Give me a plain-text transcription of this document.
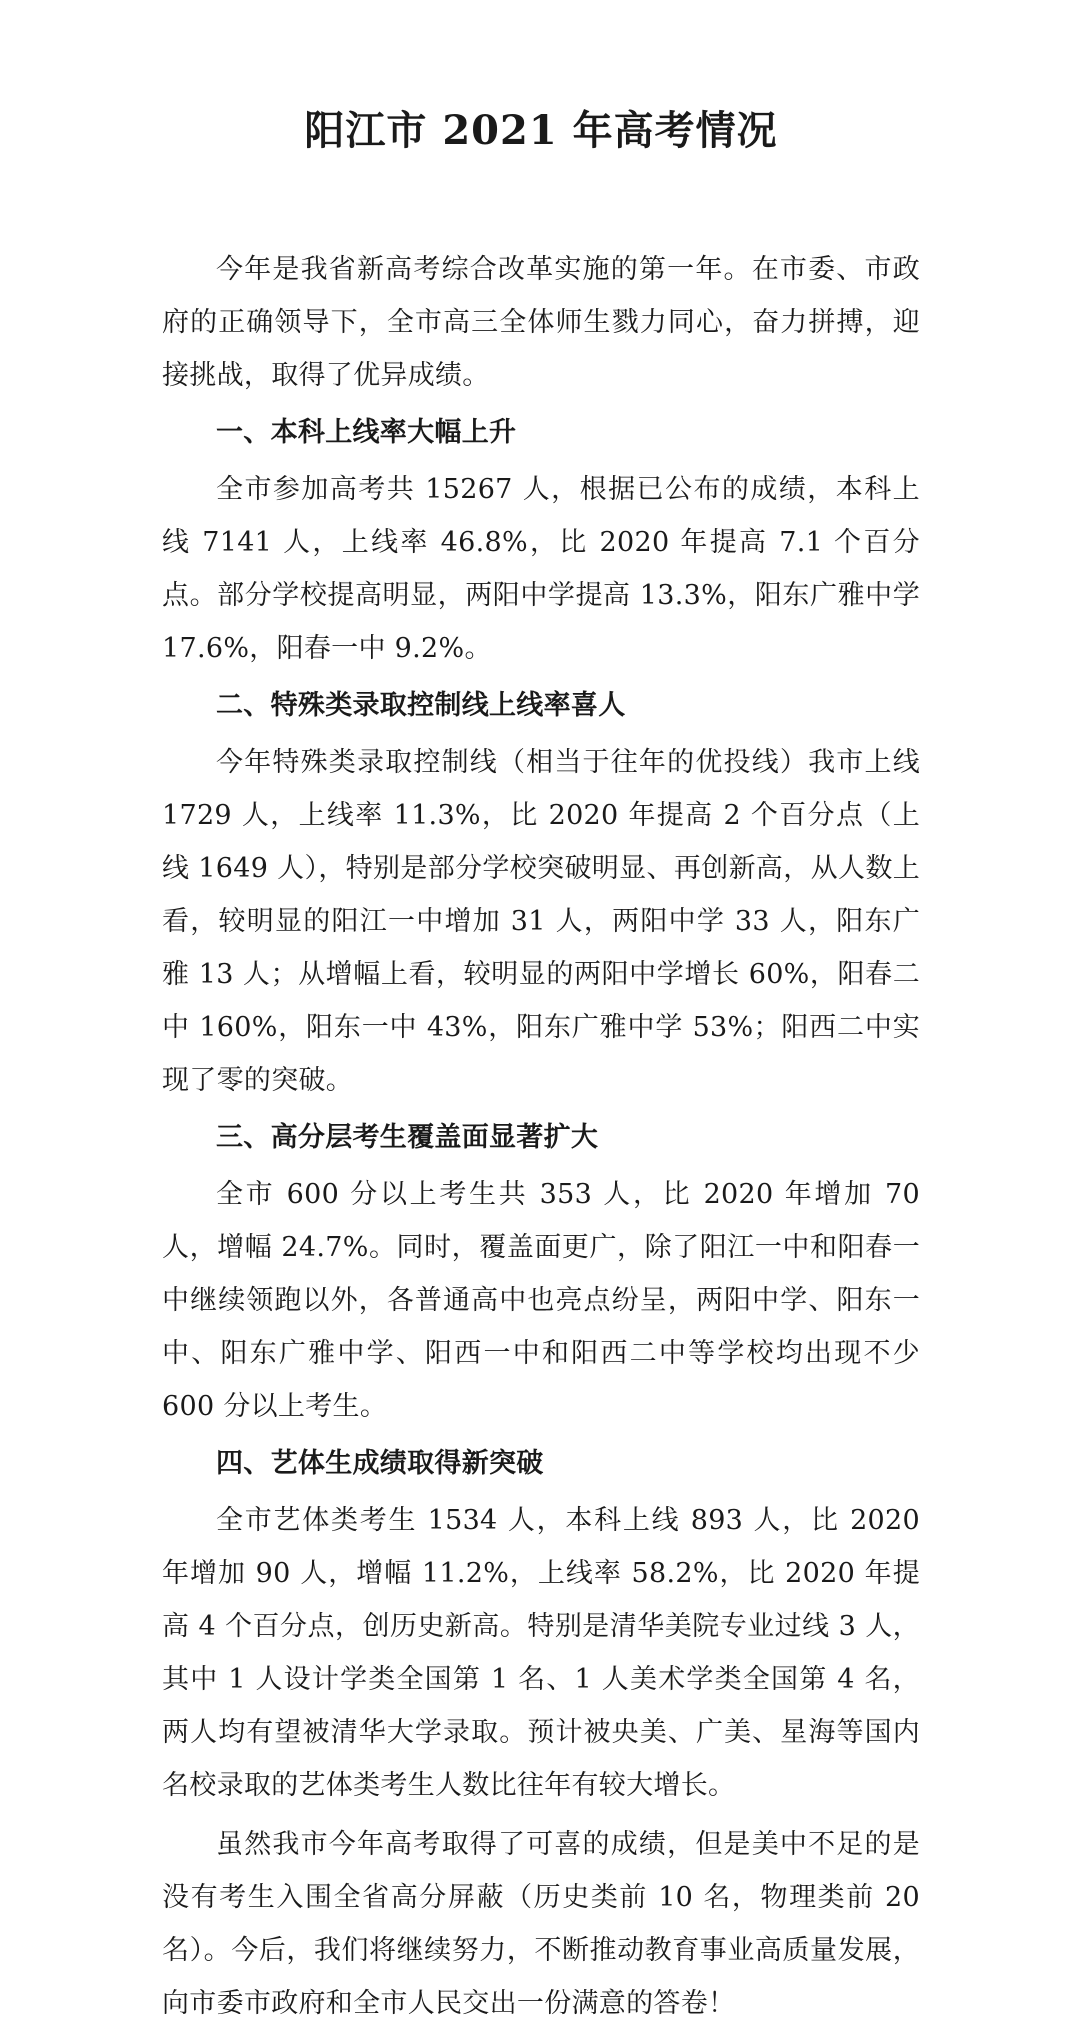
阳江市 2021 年高考情况

今年是我省新高考综合改革实施的第一年。在市委、市政府的正确领导下，全市高三全体师生戮力同心，奋力拼搏，迎接挑战，取得了优异成绩。

一、本科上线率大幅上升

全市参加高考共 15267 人，根据已公布的成绩，本科上线 7141 人，上线率 46.8%，比 2020 年提高 7.1 个百分点。部分学校提高明显，两阳中学提高 13.3%，阳东广雅中学 17.6%，阳春一中 9.2%。

二、特殊类录取控制线上线率喜人

今年特殊类录取控制线（相当于往年的优投线）我市上线 1729 人，上线率 11.3%，比 2020 年提高 2 个百分点（上线 1649 人），特别是部分学校突破明显、再创新高，从人数上看，较明显的阳江一中增加 31 人，两阳中学 33 人，阳东广雅 13 人；从增幅上看，较明显的两阳中学增长 60%，阳春二中 160%，阳东一中 43%，阳东广雅中学 53%；阳西二中实现了零的突破。

三、高分层考生覆盖面显著扩大

全市 600 分以上考生共 353 人，比 2020 年增加 70 人，增幅 24.7%。同时，覆盖面更广，除了阳江一中和阳春一中继续领跑以外，各普通高中也亮点纷呈，两阳中学、阳东一中、阳东广雅中学、阳西一中和阳西二中等学校均出现不少 600 分以上考生。

四、艺体生成绩取得新突破

全市艺体类考生 1534 人，本科上线 893 人，比 2020 年增加 90 人，增幅 11.2%，上线率 58.2%，比 2020 年提高 4 个百分点，创历史新高。特别是清华美院专业过线 3 人，其中 1 人设计学类全国第 1 名、1 人美术学类全国第 4 名，两人均有望被清华大学录取。预计被央美、广美、星海等国内名校录取的艺体类考生人数比往年有较大增长。

虽然我市今年高考取得了可喜的成绩，但是美中不足的是没有考生入围全省高分屏蔽（历史类前 10 名，物理类前 20 名）。今后，我们将继续努力，不断推动教育事业高质量发展，向市委市政府和全市人民交出一份满意的答卷！
